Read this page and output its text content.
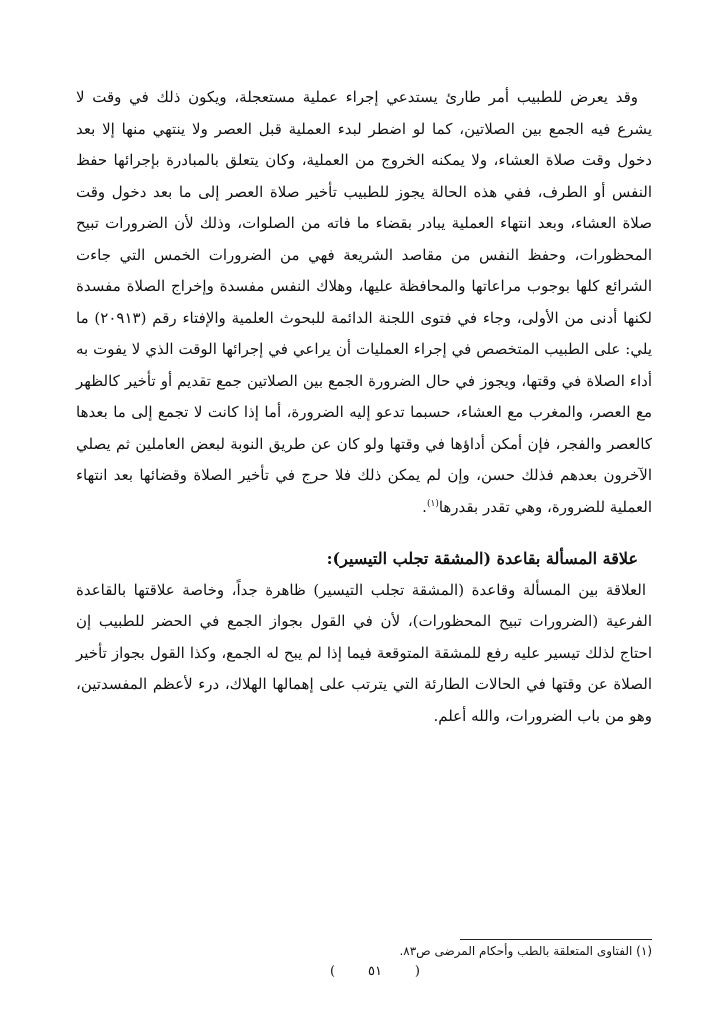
وقد يعرض للطبيب أمر طارئ يستدعي إجراء عملية مستعجلة، ويكون ذلك في وقت لا يشرع فيه الجمع بين الصلاتين، كما لو اضطر لبدء العملية قبل العصر ولا ينتهي منها إلا بعد دخول وقت صلاة العشاء، ولا يمكنه الخروج من العملية، وكان يتعلق بالمبادرة بإجرائها حفظ النفس أو الطرف، ففي هذه الحالة يجوز للطبيب تأخير صلاة العصر إلى ما بعد دخول وقت صلاة العشاء، وبعد انتهاء العملية يبادر بقضاء ما فاته من الصلوات، وذلك لأن الضرورات تبيح المحظورات، وحفظ النفس من مقاصد الشريعة فهي من الضرورات الخمس التي جاءت الشرائع كلها بوجوب مراعاتها والمحافظة عليها، وهلاك النفس مفسدة وإخراج الصلاة مفسدة لكنها أدنى من الأولى، وجاء في فتوى اللجنة الدائمة للبحوث العلمية والإفتاء رقم (٢٠٩١٣) ما يلي: على الطبيب المتخصص في إجراء العمليات أن يراعي في إجرائها الوقت الذي لا يفوت به أداء الصلاة في وقتها، ويجوز في حال الضرورة الجمع بين الصلاتين جمع تقديم أو تأخير كالظهر مع العصر، والمغرب مع العشاء، حسبما تدعو إليه الضرورة، أما إذا كانت لا تجمع إلى ما بعدها كالعصر والفجر، فإن أمكن أداؤها في وقتها ولو كان عن طريق النوبة لبعض العاملين ثم يصلي الآخرون بعدهم فذلك حسن، وإن لم يمكن ذلك فلا حرج في تأخير الصلاة وقضائها بعد انتهاء العملية للضرورة، وهي تقدر بقدرها$^{(١)}$.

علاقة المسألة بقاعدة (المشقة تجلب التيسير):

العلاقة بين المسألة وقاعدة (المشقة تجلب التيسير) ظاهرة جداً، وخاصة علاقتها بالقاعدة الفرعية (الضرورات تبيح المحظورات)، لأن في القول بجواز الجمع في الحضر للطبيب إن احتاج لذلك تيسير عليه رفع للمشقة المتوقعة فيما إذا لم يبح له الجمع، وكذا القول بجواز تأخير الصلاة عن وقتها في الحالات الطارئة التي يترتب على إهمالها الهلاك، درء لأعظم المفسدتين، وهو من باب الضرورات، والله أعلم.

(١) الفتاوى المتعلقة بالطب وأحكام المرضى ص٨٣.
(
٥١
)
